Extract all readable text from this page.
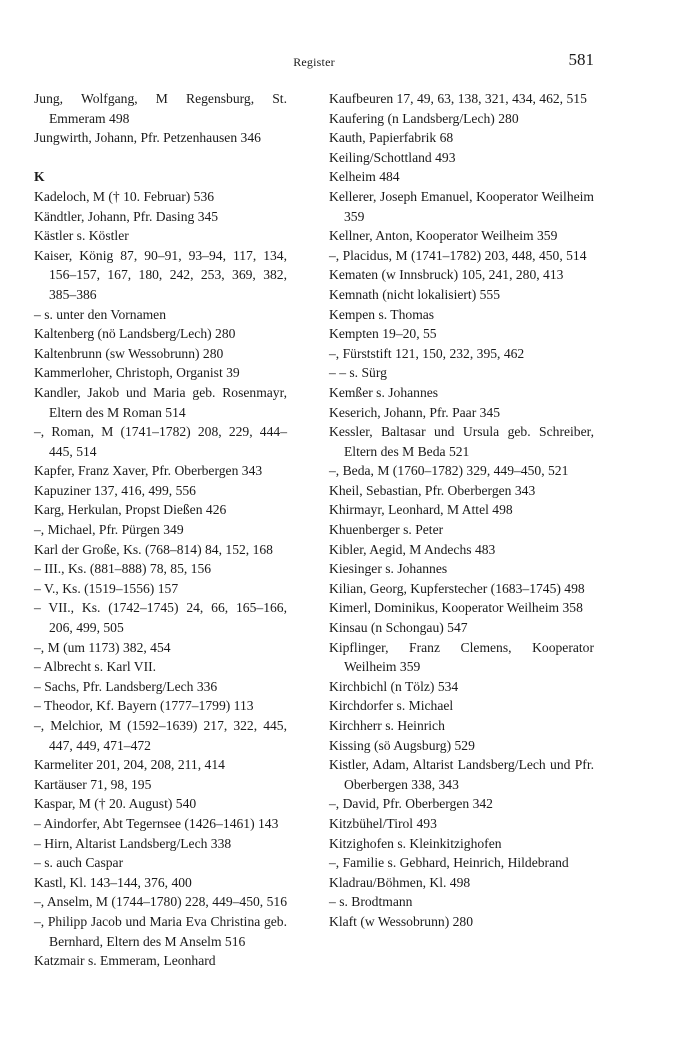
Register	581
Jung, Wolfgang, M Regensburg, St. Emmeram 498
Jungwirth, Johann, Pfr. Petzenhausen 346
K
Kadeloch, M († 10. Februar) 536
Kändtler, Johann, Pfr. Dasing 345
Kästler s. Köstler
Kaiser, König 87, 90–91, 93–94, 117, 134, 156–157, 167, 180, 242, 253, 369, 382, 385–386
– s. unter den Vornamen
Kaltenberg (nö Landsberg/Lech) 280
Kaltenbrunn (sw Wessobrunn) 280
Kammerloher, Christoph, Organist 39
Kandler, Jakob und Maria geb. Rosenmayr, Eltern des M Roman 514
–, Roman, M (1741–1782) 208, 229, 444–445, 514
Kapfer, Franz Xaver, Pfr. Oberbergen 343
Kapuziner 137, 416, 499, 556
Karg, Herkulan, Propst Dießen 426
–, Michael, Pfr. Pürgen 349
Karl der Große, Ks. (768–814) 84, 152, 168
– III., Ks. (881–888) 78, 85, 156
– V., Ks. (1519–1556) 157
– VII., Ks. (1742–1745) 24, 66, 165–166, 206, 499, 505
–, M (um 1173) 382, 454
– Albrecht s. Karl VII.
– Sachs, Pfr. Landsberg/Lech 336
– Theodor, Kf. Bayern (1777–1799) 113
–, Melchior, M (1592–1639) 217, 322, 445, 447, 449, 471–472
Karmeliter 201, 204, 208, 211, 414
Kartäuser 71, 98, 195
Kaspar, M († 20. August) 540
– Aindorfer, Abt Tegernsee (1426–1461) 143
– Hirn, Altarist Landsberg/Lech 338
– s. auch Caspar
Kastl, Kl. 143–144, 376, 400
–, Anselm, M (1744–1780) 228, 449–450, 516
–, Philipp Jacob und Maria Eva Christina geb. Bernhard, Eltern des M Anselm 516
Katzmair s. Emmeram, Leonhard
Kaufbeuren 17, 49, 63, 138, 321, 434, 462, 515
Kaufering (n Landsberg/Lech) 280
Kauth, Papierfabrik 68
Keiling/Schottland 493
Kelheim 484
Kellerer, Joseph Emanuel, Kooperator Weilheim 359
Kellner, Anton, Kooperator Weilheim 359
–, Placidus, M (1741–1782) 203, 448, 450, 514
Kematen (w Innsbruck) 105, 241, 280, 413
Kemnath (nicht lokalisiert) 555
Kempen s. Thomas
Kempten 19–20, 55
–, Fürststift 121, 150, 232, 395, 462
– – s. Sürg
Kemßer s. Johannes
Keserich, Johann, Pfr. Paar 345
Kessler, Baltasar und Ursula geb. Schreiber, Eltern des M Beda 521
–, Beda, M (1760–1782) 329, 449–450, 521
Kheil, Sebastian, Pfr. Oberbergen 343
Khirmayr, Leonhard, M Attel 498
Khuenberger s. Peter
Kibler, Aegid, M Andechs 483
Kiesinger s. Johannes
Kilian, Georg, Kupferstecher (1683–1745) 498
Kimerl, Dominikus, Kooperator Weilheim 358
Kinsau (n Schongau) 547
Kipflinger, Franz Clemens, Kooperator Weilheim 359
Kirchbichl (n Tölz) 534
Kirchdorfer s. Michael
Kirchherr s. Heinrich
Kissing (sö Augsburg) 529
Kistler, Adam, Altarist Landsberg/Lech und Pfr. Oberbergen 338, 343
–, David, Pfr. Oberbergen 342
Kitzbühel/Tirol 493
Kitzighofen s. Kleinkitzighofen
–, Familie s. Gebhard, Heinrich, Hildebrand
Kladrau/Böhmen, Kl. 498
– s. Brodtmann
Klaft (w Wessobrunn) 280
